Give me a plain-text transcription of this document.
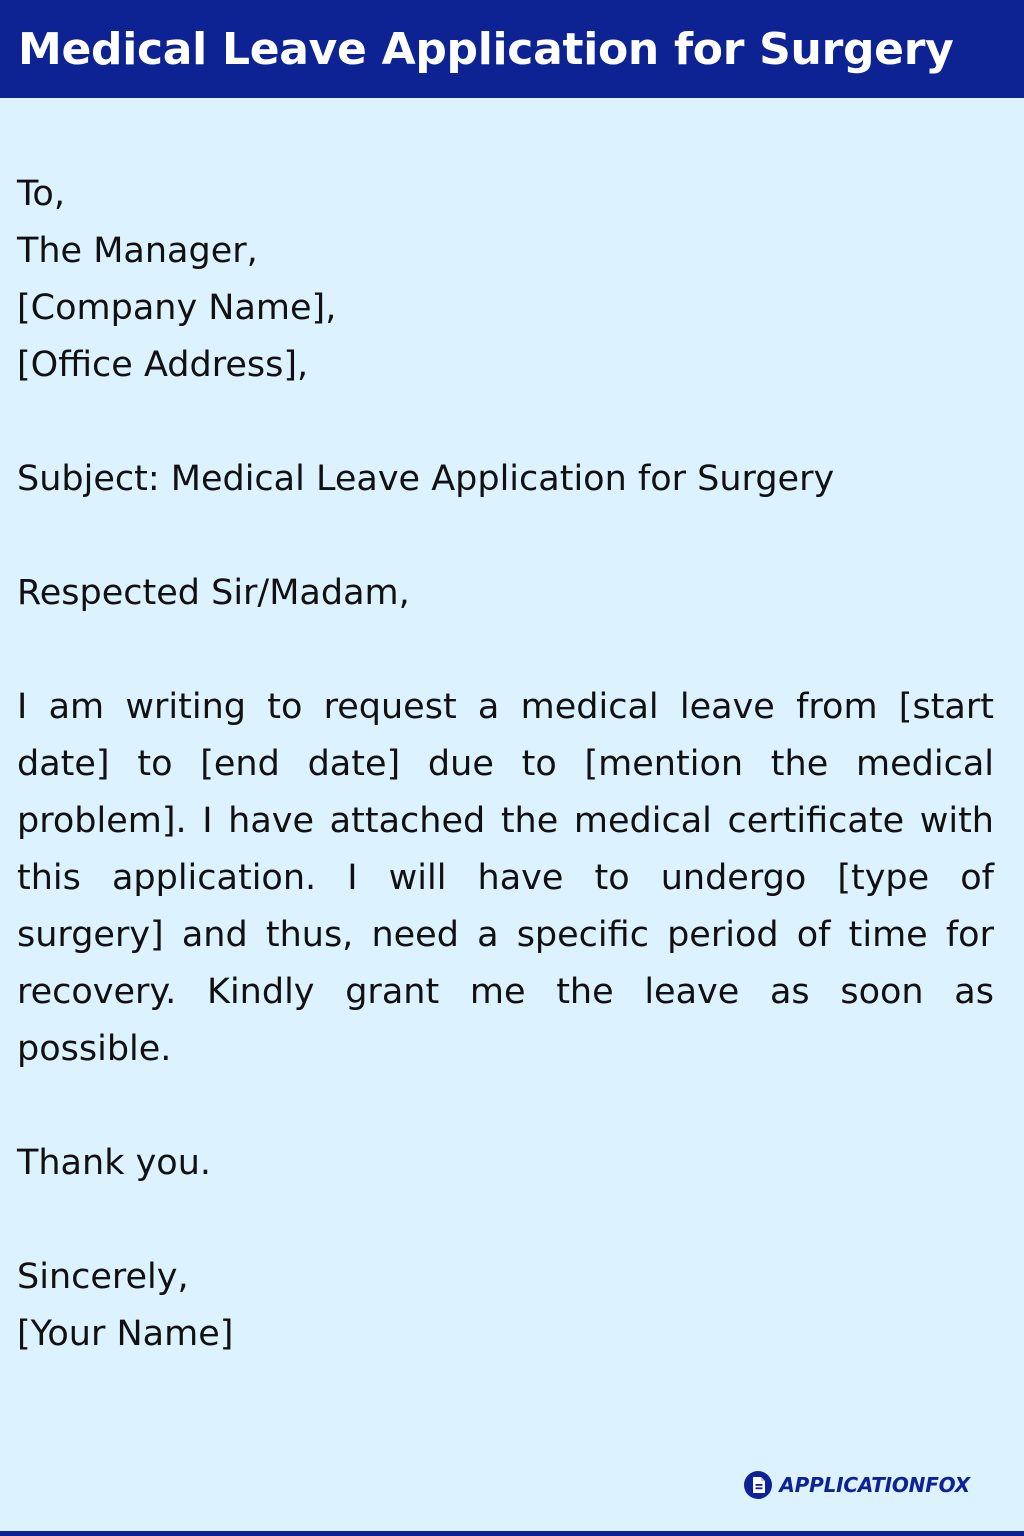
Medical Leave Application for Surgery

To,

The Manager,

[Company Name],

[Office Address],

Subject: Medical Leave Application for Surgery

Respected Sir/Madam,

I am writing to request a medical leave from [start date] to [end date] due to [mention the medical problem]. I have attached the medical certificate with this application. I will have to undergo [type of surgery] and thus, need a specific period of time for recovery. Kindly grant me the leave as soon as possible.

Thank you.

Sincerely,

[Your Name]

APPLICATIONFOX
